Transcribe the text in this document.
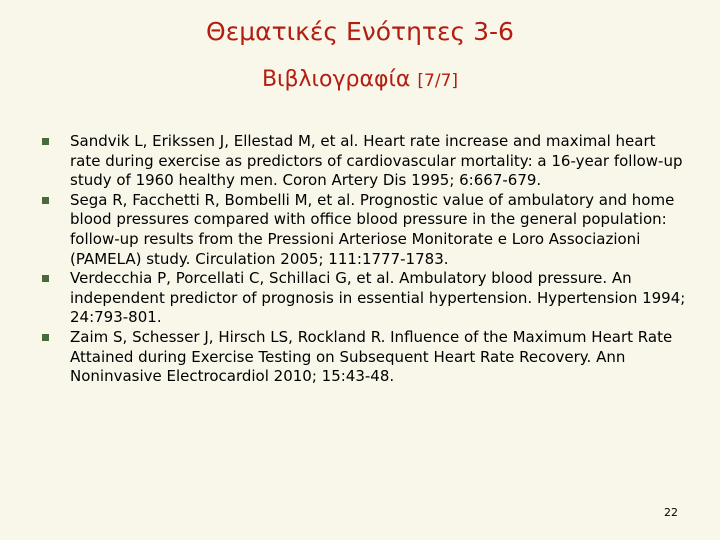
Θεματικές Ενότητες 3-6
Βιβλιογραφία [7/7]
Sandvik L, Erikssen J, Ellestad M, et al. Heart rate increase and maximal heart rate during exercise as predictors of cardiovascular mortality: a 16-year follow-up study of 1960 healthy men. Coron Artery Dis 1995; 6:667-679.
Sega R, Facchetti R, Bombelli M, et al. Prognostic value of ambulatory and home blood pressures compared with office blood pressure in the general population: follow-up results from the Pressioni Arteriose Monitorate e Loro Associazioni (PAMELA) study. Circulation 2005; 111:1777-1783.
Verdecchia P, Porcellati C, Schillaci G, et al. Ambulatory blood pressure. An independent predictor of prognosis in essential hypertension. Hypertension 1994; 24:793-801.
Zaim S, Schesser J, Hirsch LS, Rockland R. Influence of the Maximum Heart Rate Attained during Exercise Testing on Subsequent Heart Rate Recovery. Ann Noninvasive Electrocardiol 2010; 15:43-48.
22
